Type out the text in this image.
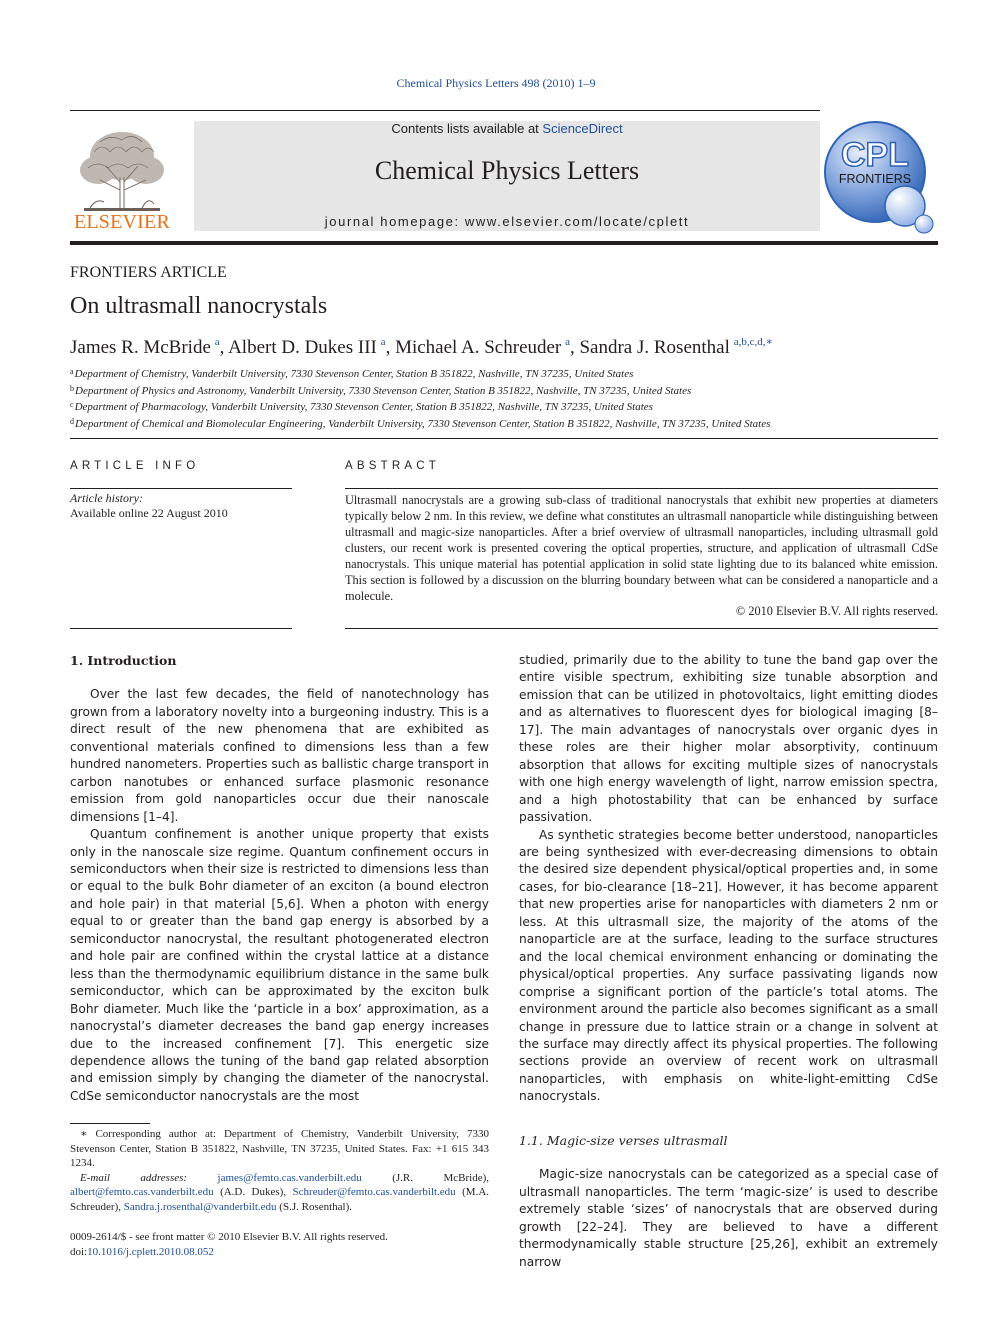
Chemical Physics Letters 498 (2010) 1–9
ELSEVIER
Contents lists available at ScienceDirect
Chemical Physics Letters
journal homepage: www.elsevier.com/locate/cplett
CPL
FRONTIERS
FRONTIERS ARTICLE
On ultrasmall nanocrystals
James R. McBride  $^a$, Albert D. Dukes III  $^a$, Michael A. Schreuder  $^a$, Sandra J. Rosenthal  $^{a,b,c,d,∗}$
$^a$Department of Chemistry, Vanderbilt University, 7330 Stevenson Center, Station B 351822, Nashville, TN 37235, United States
$^b$Department of Physics and Astronomy, Vanderbilt University, 7330 Stevenson Center, Station B 351822, Nashville, TN 37235, United States
$^c$Department of Pharmacology, Vanderbilt University, 7330 Stevenson Center, Station B 351822, Nashville, TN 37235, United States
$^d$Department of Chemical and Biomolecular Engineering, Vanderbilt University, 7330 Stevenson Center, Station B 351822, Nashville, TN 37235, United States
ARTICLE INFO	ABSTRACT
Article history:
Available online 22 August 2010
Ultrasmall nanocrystals are a growing sub-class of traditional nanocrystals that exhibit new properties at diameters typically below 2 nm. In this review, we define what constitutes an ultrasmall nanoparticle while distinguishing between ultrasmall and magic-size nanoparticles. After a brief overview of ultrasmall nanoparticles, including ultrasmall gold clusters, our recent work is presented covering the optical properties, structure, and application of ultrasmall CdSe nanocrystals. This unique material has potential application in solid state lighting due to its balanced white emission. This section is followed by a discussion on the blurring boundary between what can be considered a nanoparticle and a molecule.
© 2010 Elsevier B.V. All rights reserved.

1. Introduction

Over the last few decades, the field of nanotechnology has grown from a laboratory novelty into a burgeoning industry. This is a direct result of the new phenomena that are exhibited as conventional materials confined to dimensions less than a few hundred nanometers. Properties such as ballistic charge transport in carbon nanotubes or enhanced surface plasmonic resonance emission from gold nanoparticles occur due their nanoscale dimensions [1–4].

Quantum confinement is another unique property that exists only in the nanoscale size regime. Quantum confinement occurs in semiconductors when their size is restricted to dimensions less than or equal to the bulk Bohr diameter of an exciton (a bound electron and hole pair) in that material [5,6]. When a photon with energy equal to or greater than the band gap energy is absorbed by a semiconductor nanocrystal, the resultant photogenerated electron and hole pair are confined within the crystal lattice at a distance less than the thermodynamic equilibrium distance in the same bulk semiconductor, which can be approximated by the exciton bulk Bohr diameter. Much like the ‘particle in a box’ approximation, as a nanocrystal’s diameter decreases the band gap energy increases due to the increased confinement [7]. This energetic size dependence allows the tuning of the band gap related absorption and emission simply by changing the diameter of the nanocrystal. CdSe semiconductor nanocrystals are the most

studied, primarily due to the ability to tune the band gap over the entire visible spectrum, exhibiting size tunable absorption and emission that can be utilized in photovoltaics, light emitting diodes and as alternatives to fluorescent dyes for biological imaging [8–17]. The main advantages of nanocrystals over organic dyes in these roles are their higher molar absorptivity, continuum absorption that allows for exciting multiple sizes of nanocrystals with one high energy wavelength of light, narrow emission spectra, and a high photostability that can be enhanced by surface passivation.

As synthetic strategies become better understood, nanoparticles are being synthesized with ever-decreasing dimensions to obtain the desired size dependent physical/optical properties and, in some cases, for bio-clearance [18–21]. However, it has become apparent that new properties arise for nanoparticles with diameters 2 nm or less. At this ultrasmall size, the majority of the atoms of the nanoparticle are at the surface, leading to the surface structures and the local chemical environment enhancing or dominating the physical/optical properties. Any surface passivating ligands now comprise a significant portion of the particle’s total atoms. The environment around the particle also becomes significant as a small change in pressure due to lattice strain or a change in solvent at the surface may directly affect its physical properties. The following sections provide an overview of recent work on ultrasmall nanoparticles, with emphasis on white-light-emitting CdSe nanocrystals.

1.1. Magic-size verses ultrasmall

Magic-size nanocrystals can be categorized as a special case of ultrasmall nanoparticles. The term ‘magic-size’ is used to describe extremely stable ‘sizes’ of nanocrystals that are observed during growth [22–24]. They are believed to have a different thermodynamically stable structure [25,26], exhibit an extremely narrow

∗ Corresponding author at: Department of Chemistry, Vanderbilt University, 7330 Stevenson Center, Station B 351822, Nashville, TN 37235, United States. Fax: +1 615 343 1234.

E-mail addresses:	james@femto.cas.vanderbilt.edu	(J.R. McBride), albert@femto.cas.vanderbilt.edu (A.D. Dukes), Schreuder@femto.cas.vanderbilt.edu (M.A. Schreuder), Sandra.j.rosenthal@vanderbilt.edu (S.J. Rosenthal).

0009-2614/$ - see front matter © 2010 Elsevier B.V. All rights reserved.
doi:10.1016/j.cplett.2010.08.052
